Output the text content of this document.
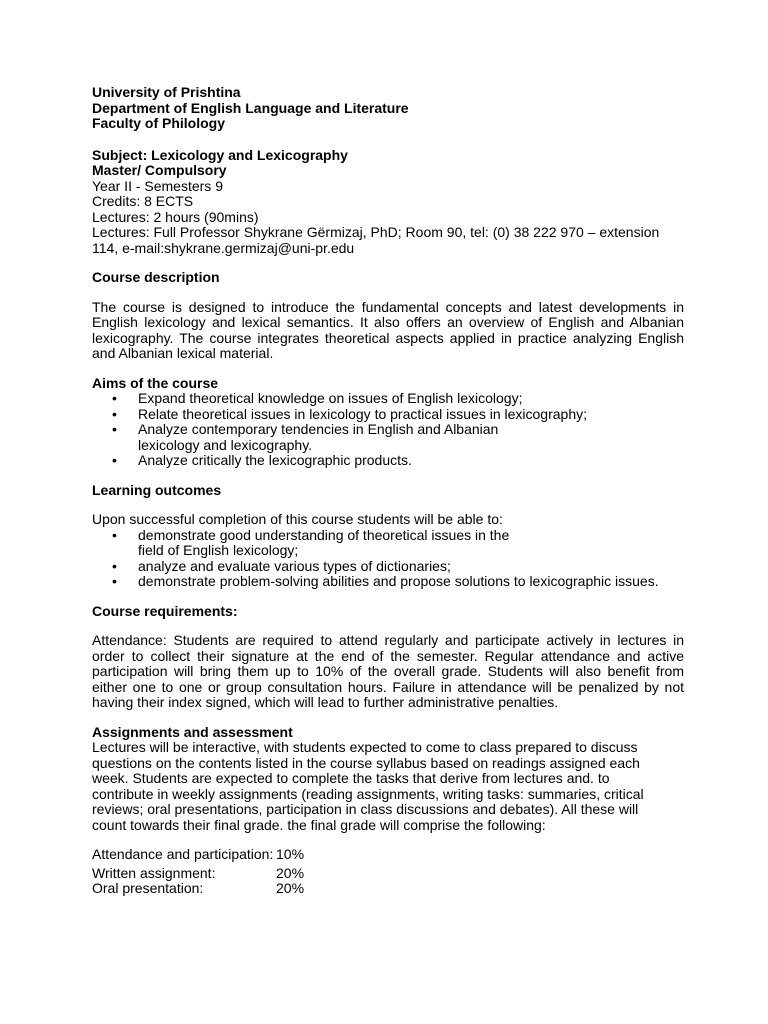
University of Prishtina
Department of English Language and Literature
Faculty of Philology
Subject: Lexicology and Lexicography
Master/ Compulsory
Year II - Semesters 9
Credits: 8 ECTS
Lectures: 2 hours (90mins)
Lectures: Full Professor Shykrane Gërmizaj, PhD; Room 90, tel: (0) 38 222 970 – extension
114, e-mail:shykrane.germizaj@uni-pr.edu
Course description

The course is designed to introduce the fundamental concepts and latest developments in English lexicology and lexical semantics. It also offers an overview of English and Albanian lexicography. The course integrates theoretical aspects applied in practice analyzing English and Albanian lexical material.

Aims of the course
• Expand theoretical knowledge on issues of English lexicology;
• Relate theoretical issues in lexicology to practical issues in lexicography;
• Analyze contemporary tendencies in English and Albanian lexicology and lexicography.
• Analyze critically the lexicographic products.
Learning outcomes
Upon successful completion of this course students will be able to:
• demonstrate good understanding of theoretical issues in the field of English lexicology;
• analyze and evaluate various types of dictionaries;
• demonstrate problem-solving abilities and propose solutions to lexicographic issues.
Course requirements:

Attendance: Students are required to attend regularly and participate actively in lectures in order to collect their signature at the end of the semester. Regular attendance and active participation will bring them up to 10% of the overall grade. Students will also benefit from either one to one or group consultation hours. Failure in attendance will be penalized by not having their index signed, which will lead to further administrative penalties.

Assignments and assessment
Lectures will be interactive, with students expected to come to class prepared to discuss
questions on the contents listed in the course syllabus based on readings assigned each
week. Students are expected to complete the tasks that derive from lectures and. to
contribute in weekly assignments (reading assignments, writing tasks: summaries, critical
reviews; oral presentations, participation in class discussions and debates). All these will
count towards their final grade. the final grade will comprise the following:
Attendance and participation: 10%
Written assignment:	20%
Oral presentation:	20%
